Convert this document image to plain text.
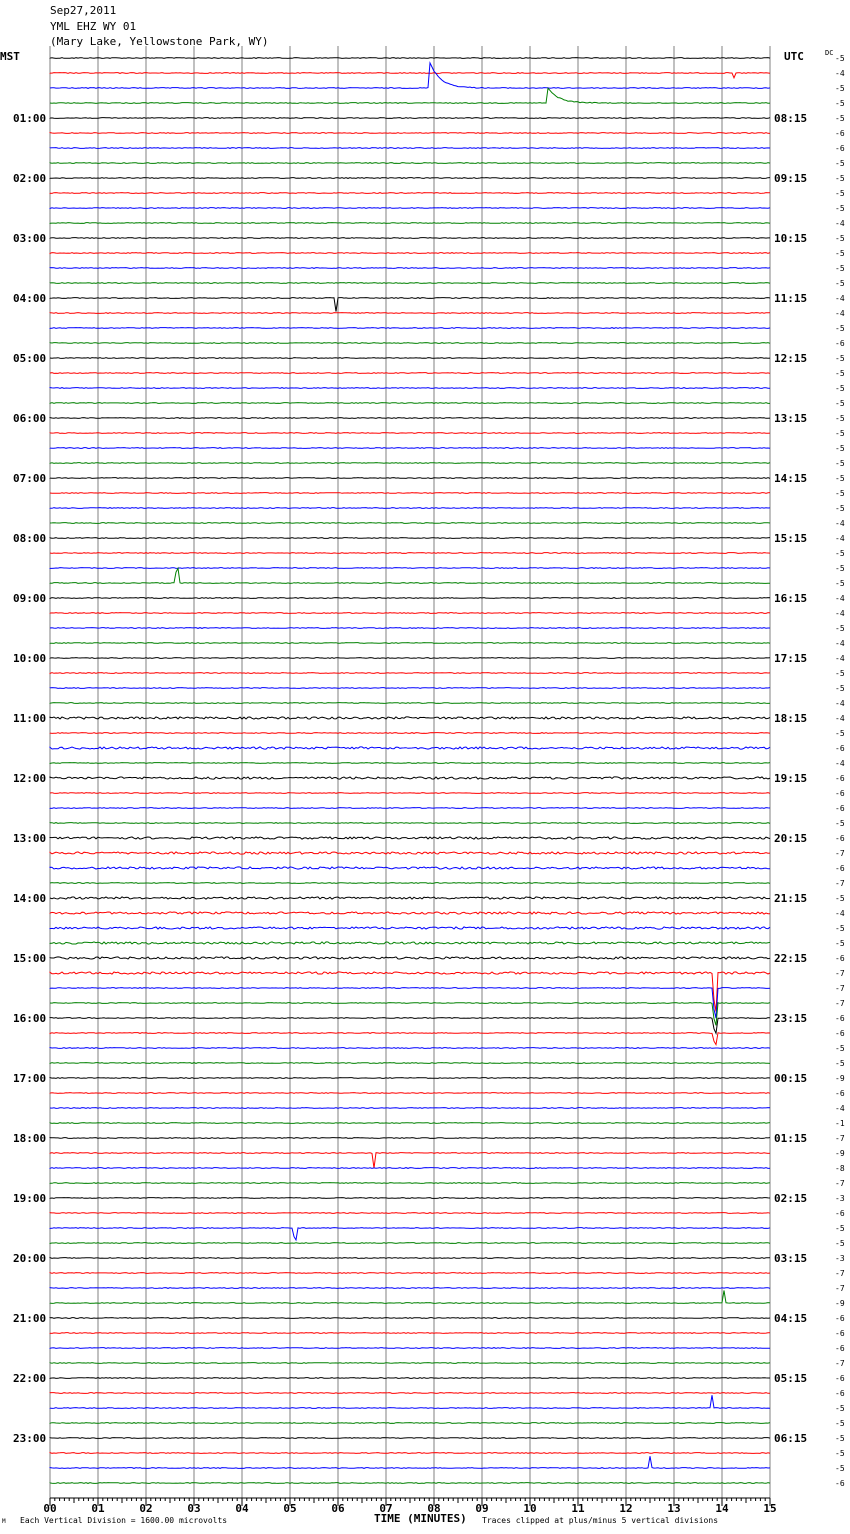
Sep27,2011
YML EHZ WY 01
(Mary Lake, Yellowstone Park, WY)
MST	UTC	DC
-5
-4
-5
-5
-5
-6
-6
-5
-5
-5
-5
-4
-5
-5
-5
-5
-4
-4
-5
-6
-5
-5
-5
-5
-5
-5
-5
-5
-5
-5
-5
-4
-4
-5
-5
-5
-4
-4
-5
-4
-4
-5
-5
-4
-4
-5
-6
-4
-6
-6
-6
-5
-6
-7
-6
-7
-5
-4
-5
-5
-6
-7
-7
-7
-6
-6
-5
-5
-9
-6
-4
-1
-7
-9
-8
-7
-3
-6
-5
-5
-3
-7
-7
-9
-6
-6
-6
-7
-6
-6
-5
-5
-5
-5
-5
-6
01:00
02:00
03:00
04:00
05:00
06:00
07:00
08:00
09:00
10:00
11:00
12:00
13:00
14:00
15:00
16:00
17:00
18:00
19:00
20:00
21:00
22:00
23:00
08:15
09:15
10:15
11:15
12:15
13:15
14:15
15:15
16:15
17:15
18:15
19:15
20:15
21:15
22:15
23:15
00:15
01:15
02:15
03:15
04:15
05:15
06:15
00	01	02	03	04	05	06	07	08	09	10	11	12	13	14	15
M Each Vertical Division = 1600.00 microvolts	TIME (MINUTES) Traces clipped at plus/minus 5 vertical divisions
